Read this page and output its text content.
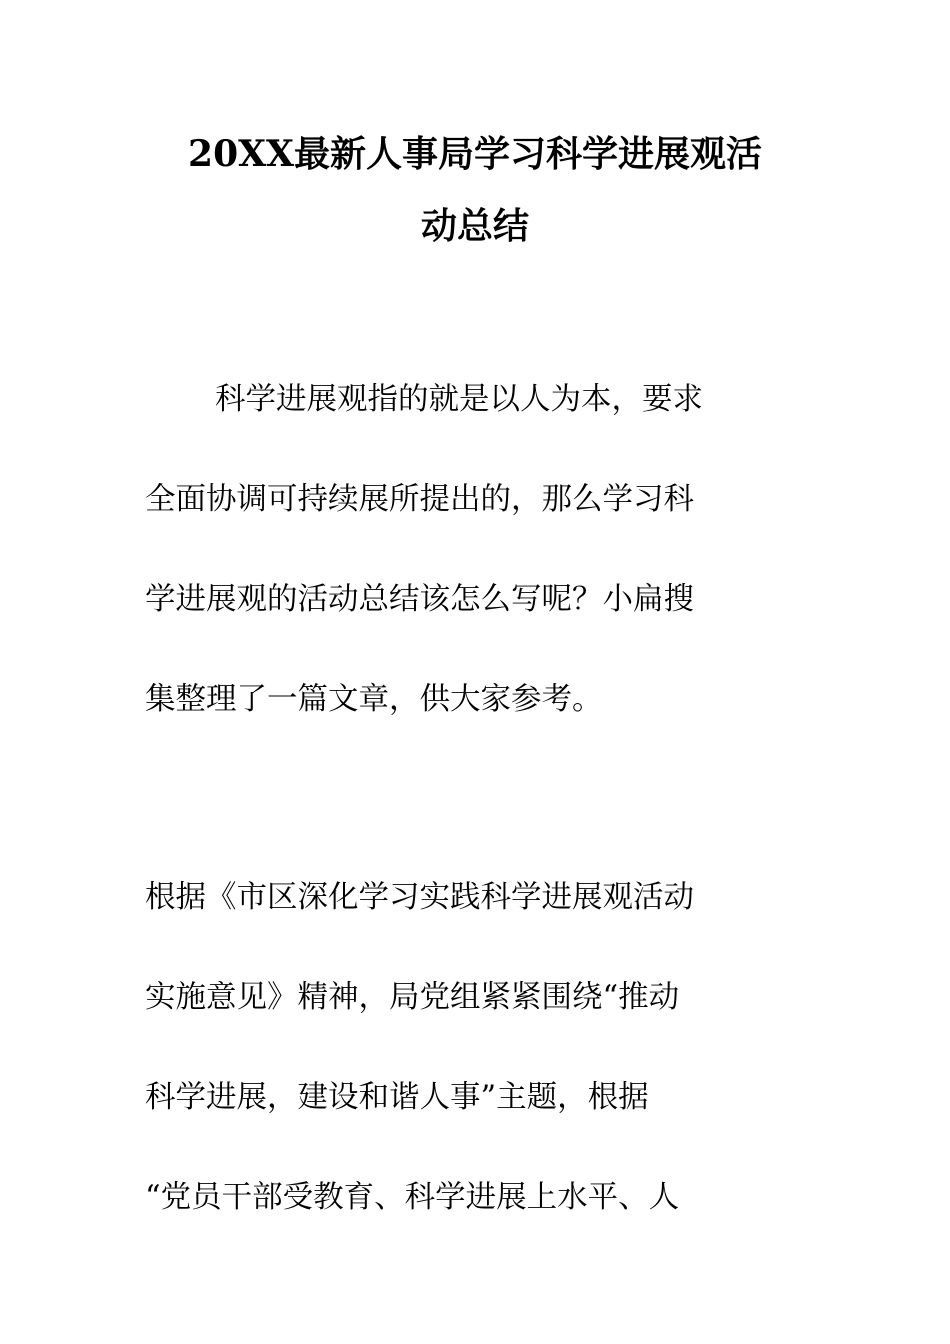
20XX最新人事局学习科学进展观活
动总结
科学进展观指的就是以人为本，要求
全面协调可持续展所提出的，那么学习科
学进展观的活动总结该怎么写呢？小扁搜
集整理了一篇文章，供大家参考。
根据《市区深化学习实践科学进展观活动
实施意见》精神，局党组紧紧围绕“推动
科学进展，建设和谐人事”主题，根据
“党员干部受教育、科学进展上水平、人
